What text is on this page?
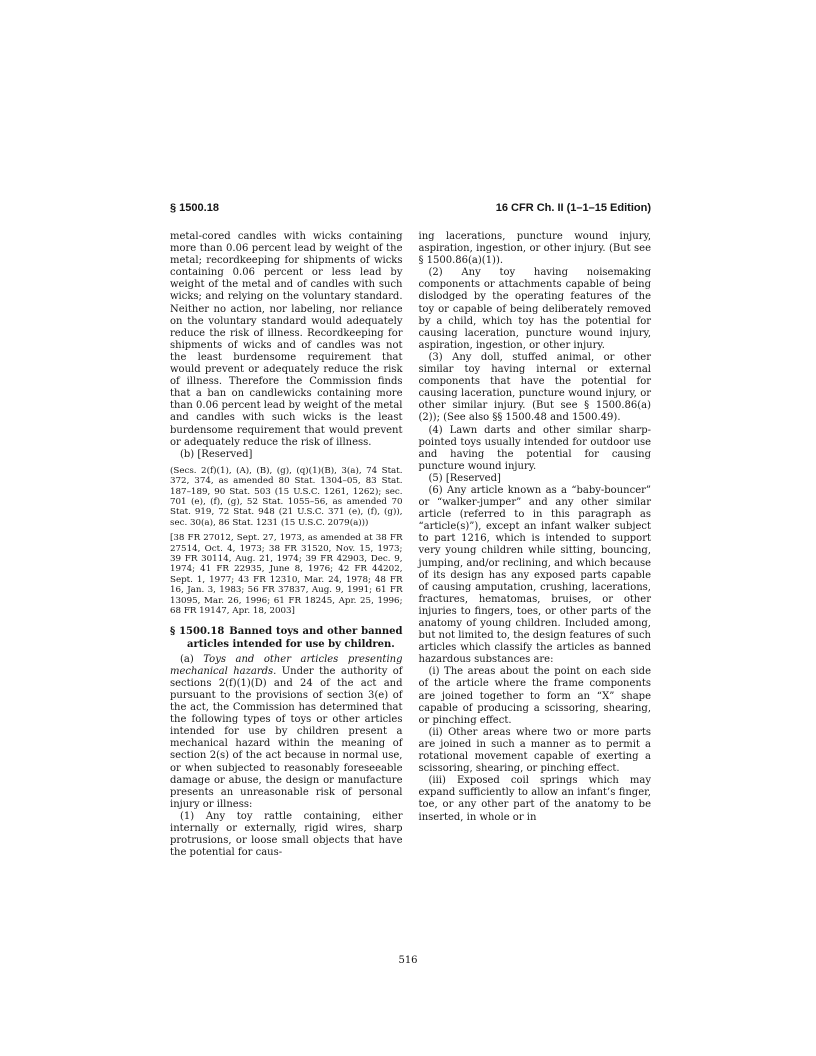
§ 1500.18	16 CFR Ch. II (1–1–15 Edition)

metal-cored candles with wicks containing more than 0.06 percent lead by weight of the metal; recordkeeping for shipments of wicks containing 0.06 percent or less lead by weight of the metal and of candles with such wicks; and relying on the voluntary standard. Neither no action, nor labeling, nor reliance on the voluntary standard would adequately reduce the risk of illness. Recordkeeping for shipments of wicks and of candles was not the least burdensome requirement that would prevent or adequately reduce the risk of illness. Therefore the Commission finds that a ban on candlewicks containing more than 0.06 percent lead by weight of the metal and candles with such wicks is the least burdensome requirement that would prevent or adequately reduce the risk of illness.

(b) [Reserved]

(Secs. 2(f)(1), (A), (B), (g), (q)(1)(B), 3(a), 74 Stat. 372, 374, as amended 80 Stat. 1304–05, 83 Stat. 187–189, 90 Stat. 503 (15 U.S.C. 1261, 1262); sec. 701 (e), (f), (g), 52 Stat. 1055–56, as amended 70 Stat. 919, 72 Stat. 948 (21 U.S.C. 371 (e), (f), (g)), sec. 30(a), 86 Stat. 1231 (15 U.S.C. 2079(a)))

[38 FR 27012, Sept. 27, 1973, as amended at 38 FR 27514, Oct. 4, 1973; 38 FR 31520, Nov. 15, 1973; 39 FR 30114, Aug. 21, 1974; 39 FR 42903, Dec. 9, 1974; 41 FR 22935, June 8, 1976; 42 FR 44202, Sept. 1, 1977; 43 FR 12310, Mar. 24, 1978; 48 FR 16, Jan. 3, 1983; 56 FR 37837, Aug. 9, 1991; 61 FR 13095, Mar. 26, 1996; 61 FR 18245, Apr. 25, 1996; 68 FR 19147, Apr. 18, 2003]

§ 1500.18 Banned toys and other banned articles intended for use by children.

(a) Toys and other articles presenting mechanical hazards. Under the authority of sections 2(f)(1)(D) and 24 of the act and pursuant to the provisions of section 3(e) of the act, the Commission has determined that the following types of toys or other articles intended for use by children present a mechanical hazard within the meaning of section 2(s) of the act because in normal use, or when subjected to reasonably foreseeable damage or abuse, the design or manufacture presents an unreasonable risk of personal injury or illness:

(1) Any toy rattle containing, either internally or externally, rigid wires, sharp protrusions, or loose small objects that have the potential for caus-

ing lacerations, puncture wound injury, aspiration, ingestion, or other injury. (But see § 1500.86(a)(1)).

(2) Any toy having noisemaking components or attachments capable of being dislodged by the operating features of the toy or capable of being deliberately removed by a child, which toy has the potential for causing laceration, puncture wound injury, aspiration, ingestion, or other injury.

(3) Any doll, stuffed animal, or other similar toy having internal or external components that have the potential for causing laceration, puncture wound injury, or other similar injury. (But see § 1500.86(a)(2)); (See also §§ 1500.48 and 1500.49).

(4) Lawn darts and other similar sharp-pointed toys usually intended for outdoor use and having the potential for causing puncture wound injury.

(5) [Reserved]

(6) Any article known as a “baby-bouncer” or “walker-jumper” and any other similar article (referred to in this paragraph as “article(s)”), except an infant walker subject to part 1216, which is intended to support very young children while sitting, bouncing, jumping, and/or reclining, and which because of its design has any exposed parts capable of causing amputation, crushing, lacerations, fractures, hematomas, bruises, or other injuries to fingers, toes, or other parts of the anatomy of young children. Included among, but not limited to, the design features of such articles which classify the articles as banned hazardous substances are:

(i) The areas about the point on each side of the article where the frame components are joined together to form an “X” shape capable of producing a scissoring, shearing, or pinching effect.

(ii) Other areas where two or more parts are joined in such a manner as to permit a rotational movement capable of exerting a scissoring, shearing, or pinching effect.

(iii) Exposed coil springs which may expand sufficiently to allow an infant’s finger, toe, or any other part of the anatomy to be inserted, in whole or in

516
